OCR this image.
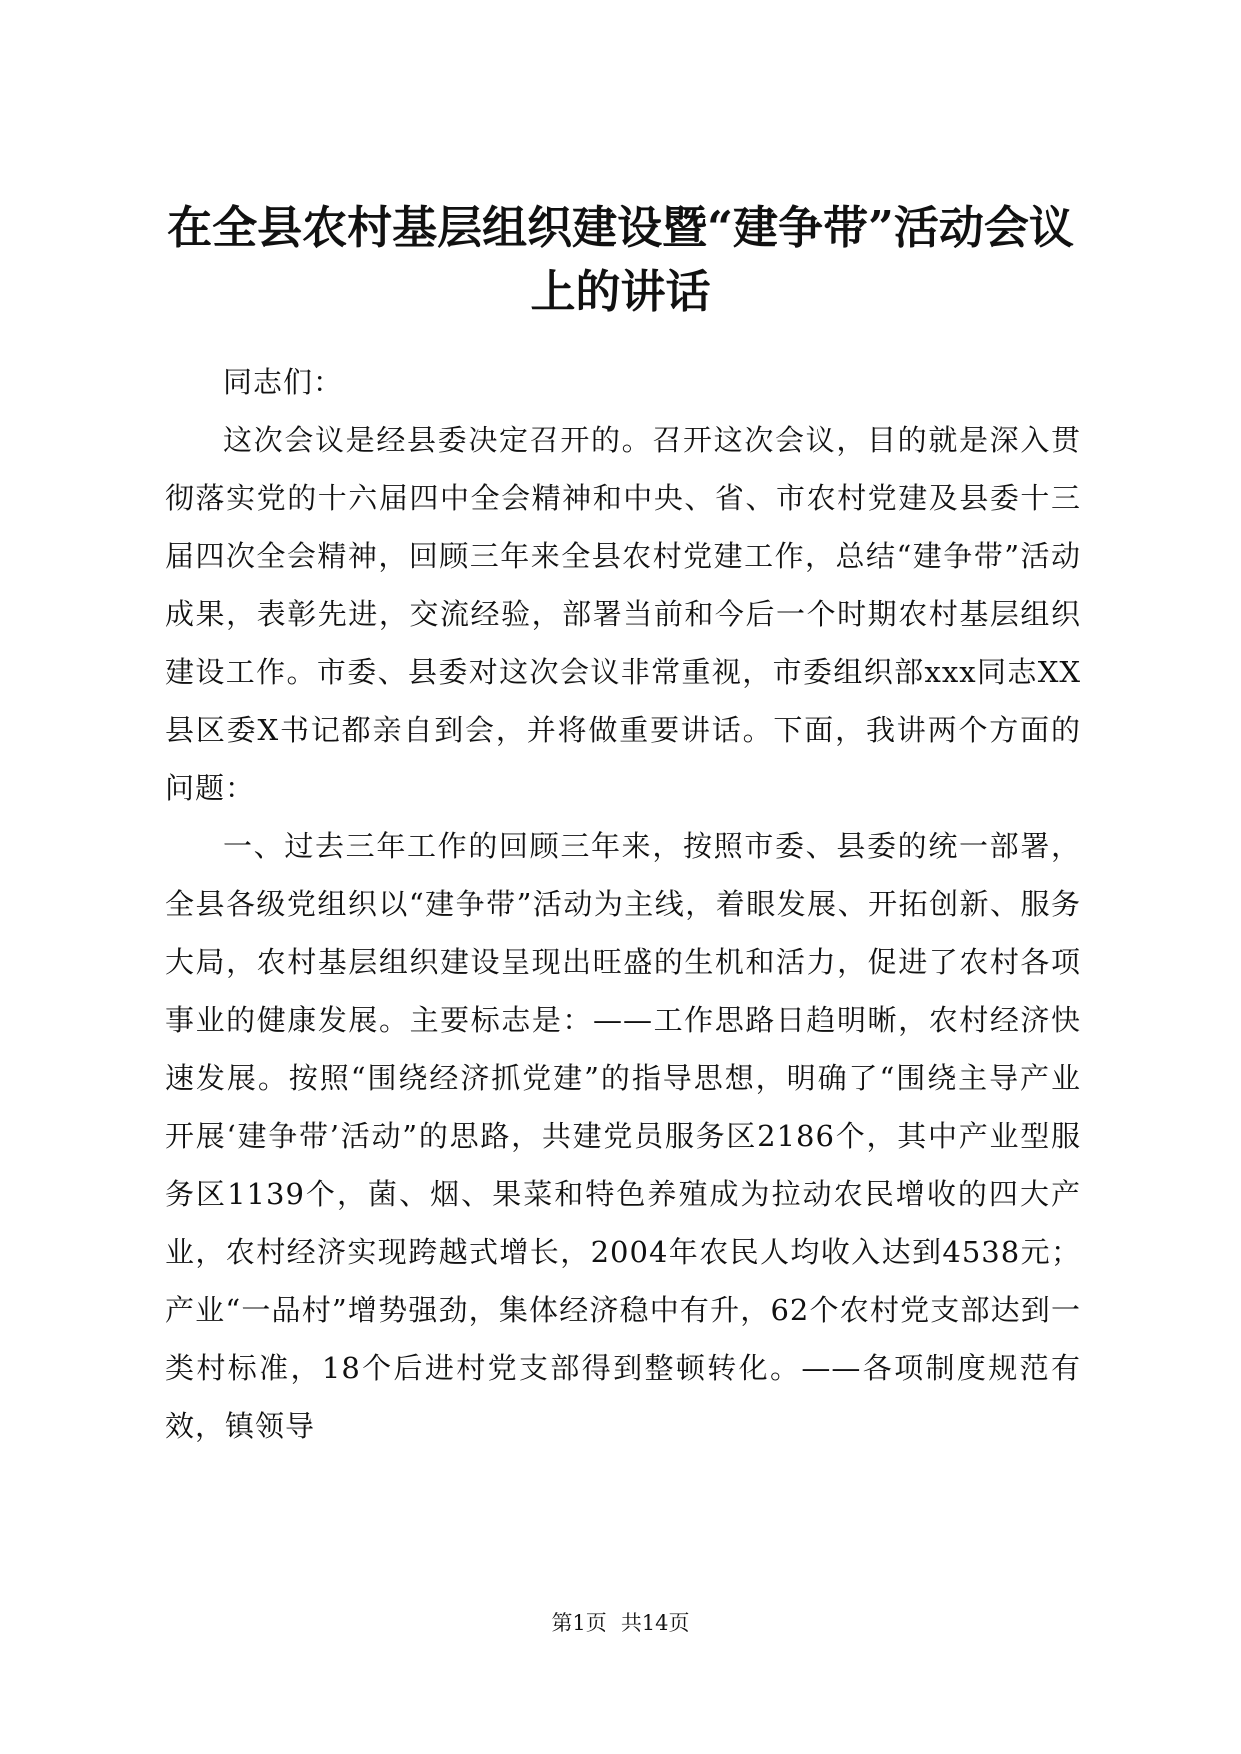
在全县农村基层组织建设暨“建争带”活动会议上的讲话

同志们：

这次会议是经县委决定召开的。召开这次会议，目的就是深入贯彻落实党的十六届四中全会精神和中央、省、市农村党建及县委十三届四次全会精神，回顾三年来全县农村党建工作，总结“建争带”活动成果，表彰先进，交流经验，部署当前和今后一个时期农村基层组织建设工作。市委、县委对这次会议非常重视，市委组织部xxx同志XX县区委X书记都亲自到会，并将做重要讲话。下面，我讲两个方面的问题：

一、过去三年工作的回顾三年来，按照市委、县委的统一部署，全县各级党组织以“建争带”活动为主线，着眼发展、开拓创新、服务大局，农村基层组织建设呈现出旺盛的生机和活力，促进了农村各项事业的健康发展。主要标志是：——工作思路日趋明晰，农村经济快速发展。按照“围绕经济抓党建”的指导思想，明确了“围绕主导产业开展‘建争带’活动”的思路，共建党员服务区2186个，其中产业型服务区1139个，菌、烟、果菜和特色养殖成为拉动农民增收的四大产业，农村经济实现跨越式增长，2004年农民人均收入达到4538元；产业“一品村”增势强劲，集体经济稳中有升，62个农村党支部达到一类村标准，18个后进村党支部得到整顿转化。——各项制度规范有效，镇领导

第1页 共14页
